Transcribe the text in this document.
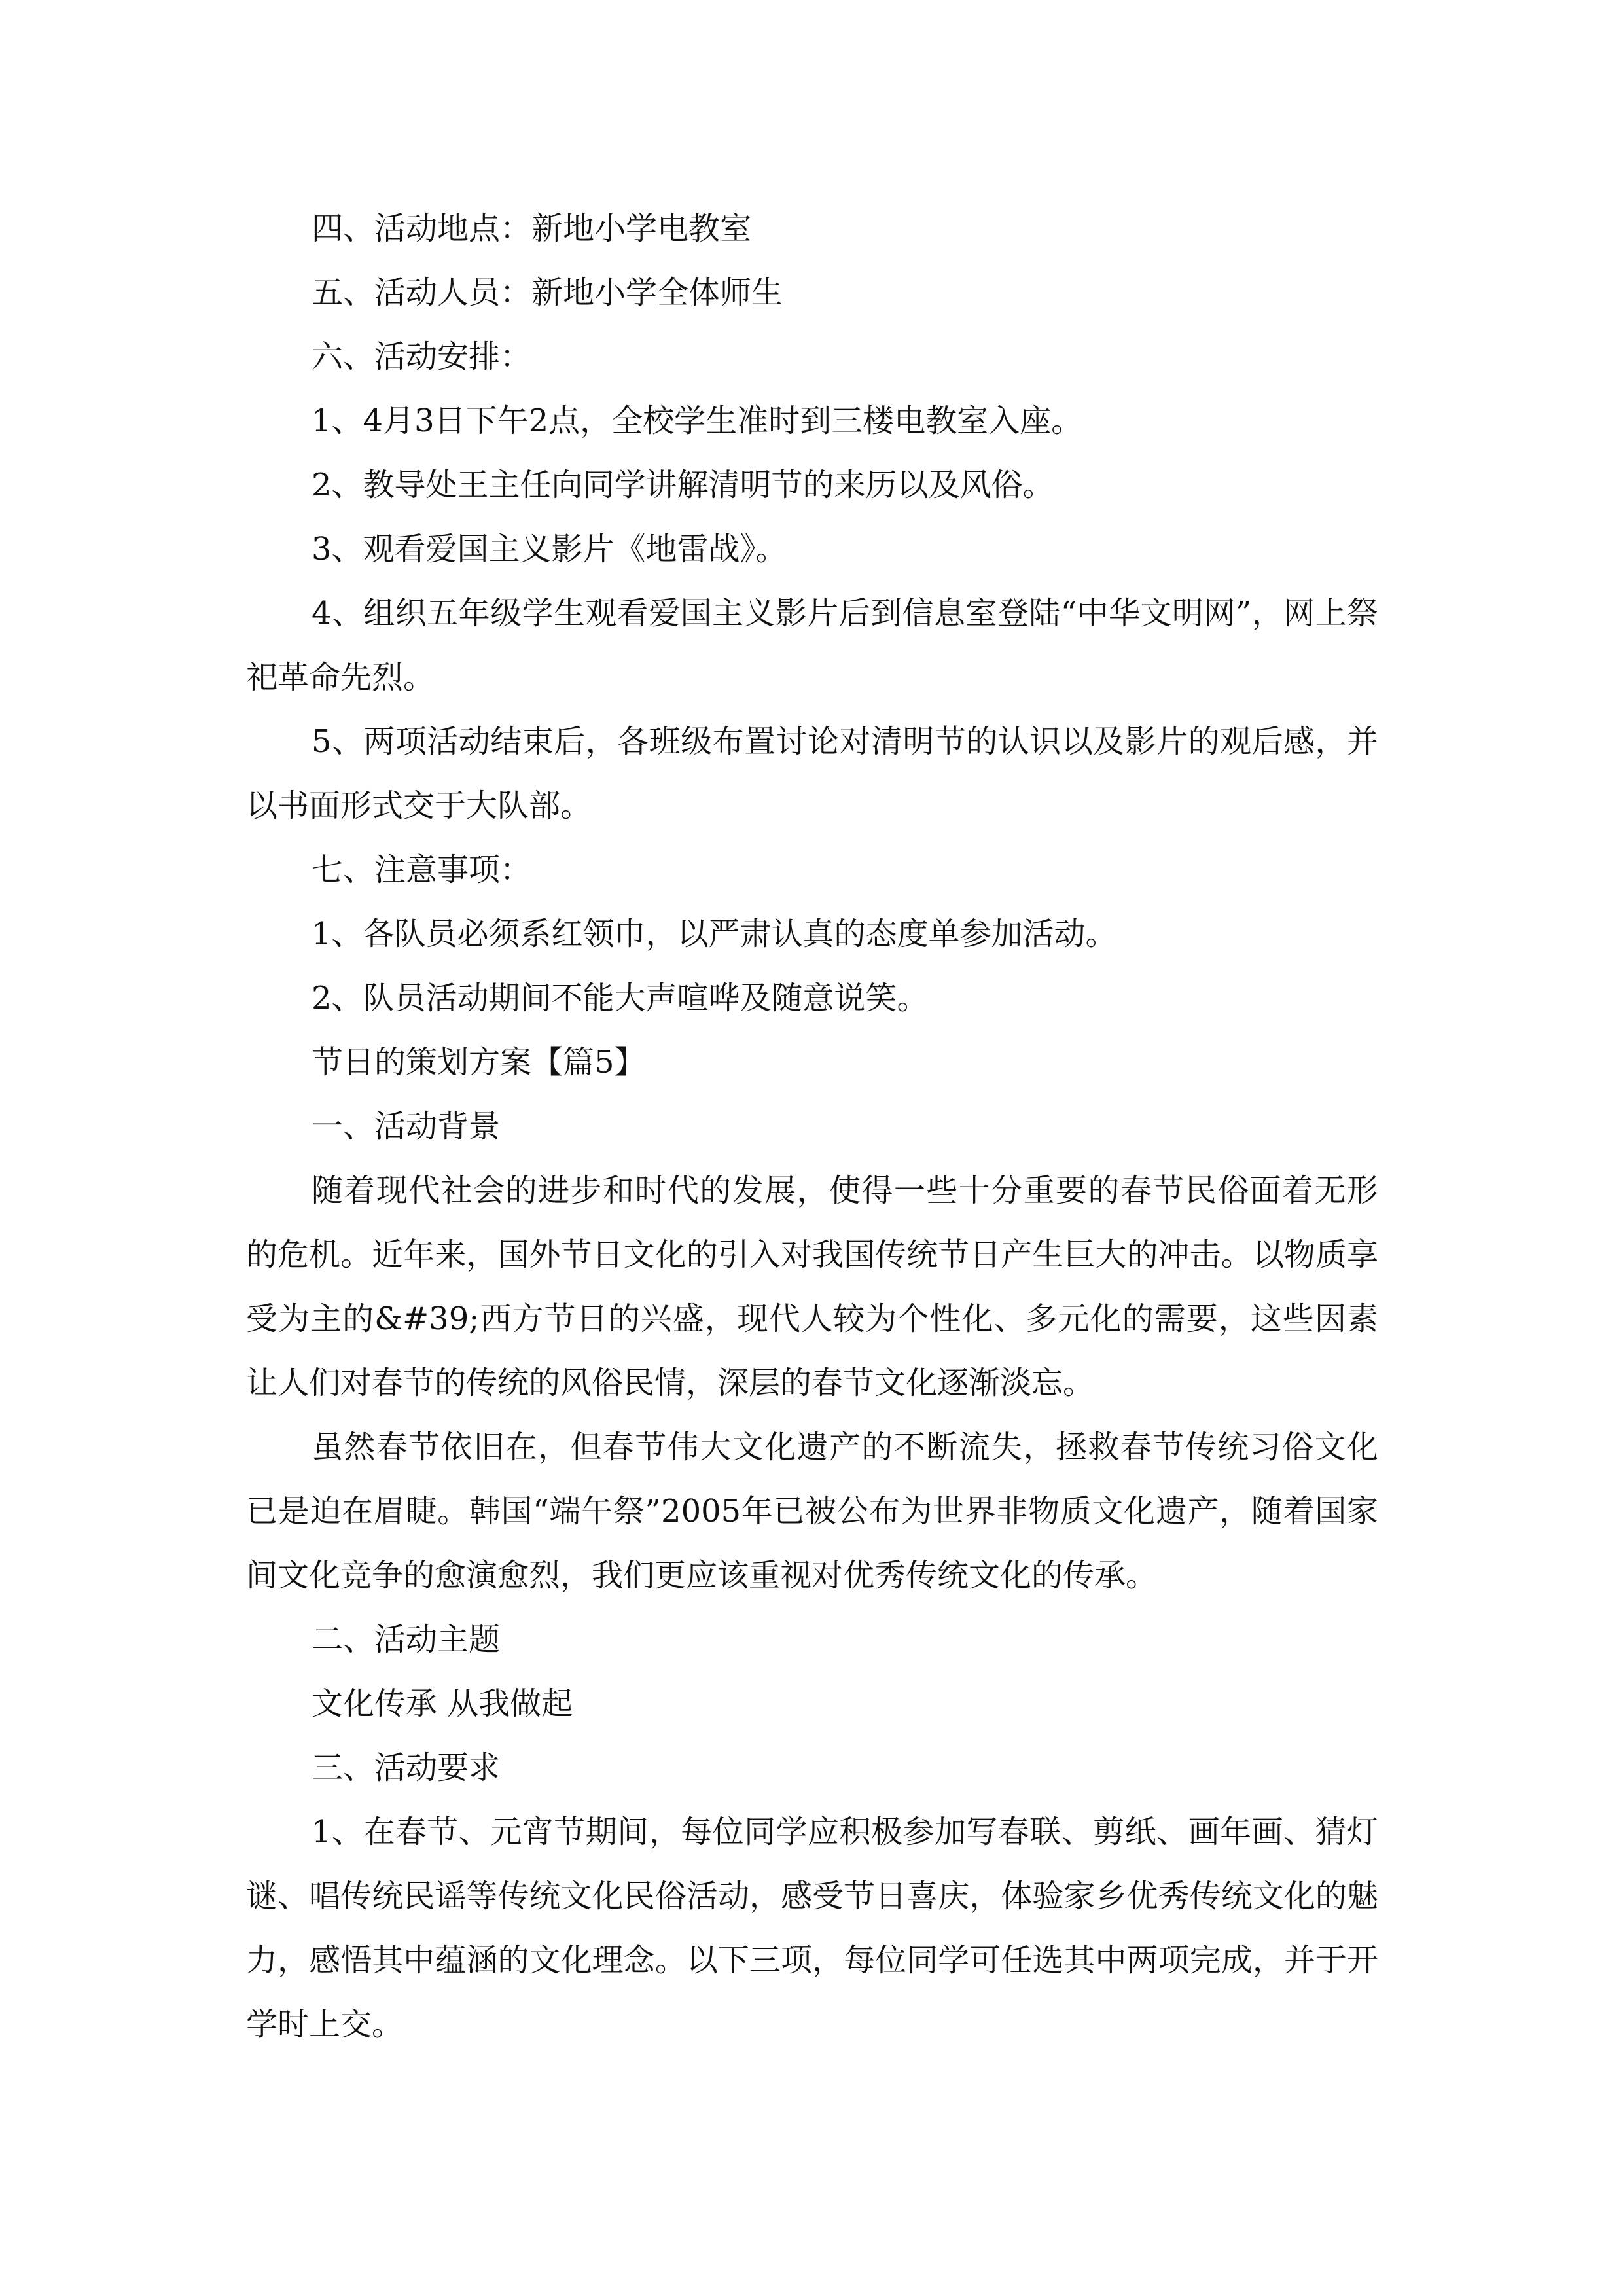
四、活动地点：新地小学电教室

五、活动人员：新地小学全体师生

六、活动安排：

1、4月3日下午2点，全校学生准时到三楼电教室入座。

2、教导处王主任向同学讲解清明节的来历以及风俗。

3、观看爱国主义影片《地雷战》。

4、组织五年级学生观看爱国主义影片后到信息室登陆“中华文明网”，网上祭祀革命先烈。

5、两项活动结束后，各班级布置讨论对清明节的认识以及影片的观后感，并以书面形式交于大队部。

七、注意事项：

1、各队员必须系红领巾，以严肃认真的态度单参加活动。

2、队员活动期间不能大声喧哗及随意说笑。

节日的策划方案【篇5】

一、活动背景

随着现代社会的进步和时代的发展，使得一些十分重要的春节民俗面着无形的危机。近年来，国外节日文化的引入对我国传统节日产生巨大的冲击。以物质享受为主的&#39;西方节日的兴盛，现代人较为个性化、多元化的需要，这些因素让人们对春节的传统的风俗民情，深层的春节文化逐渐淡忘。

虽然春节依旧在，但春节伟大文化遗产的不断流失，拯救春节传统习俗文化已是迫在眉睫。韩国“端午祭”2005年已被公布为世界非物质文化遗产，随着国家间文化竞争的愈演愈烈，我们更应该重视对优秀传统文化的传承。

二、活动主题

文化传承 从我做起

三、活动要求

1、在春节、元宵节期间，每位同学应积极参加写春联、剪纸、画年画、猜灯谜、唱传统民谣等传统文化民俗活动，感受节日喜庆，体验家乡优秀传统文化的魅力，感悟其中蕴涵的文化理念。以下三项，每位同学可任选其中两项完成，并于开学时上交。
